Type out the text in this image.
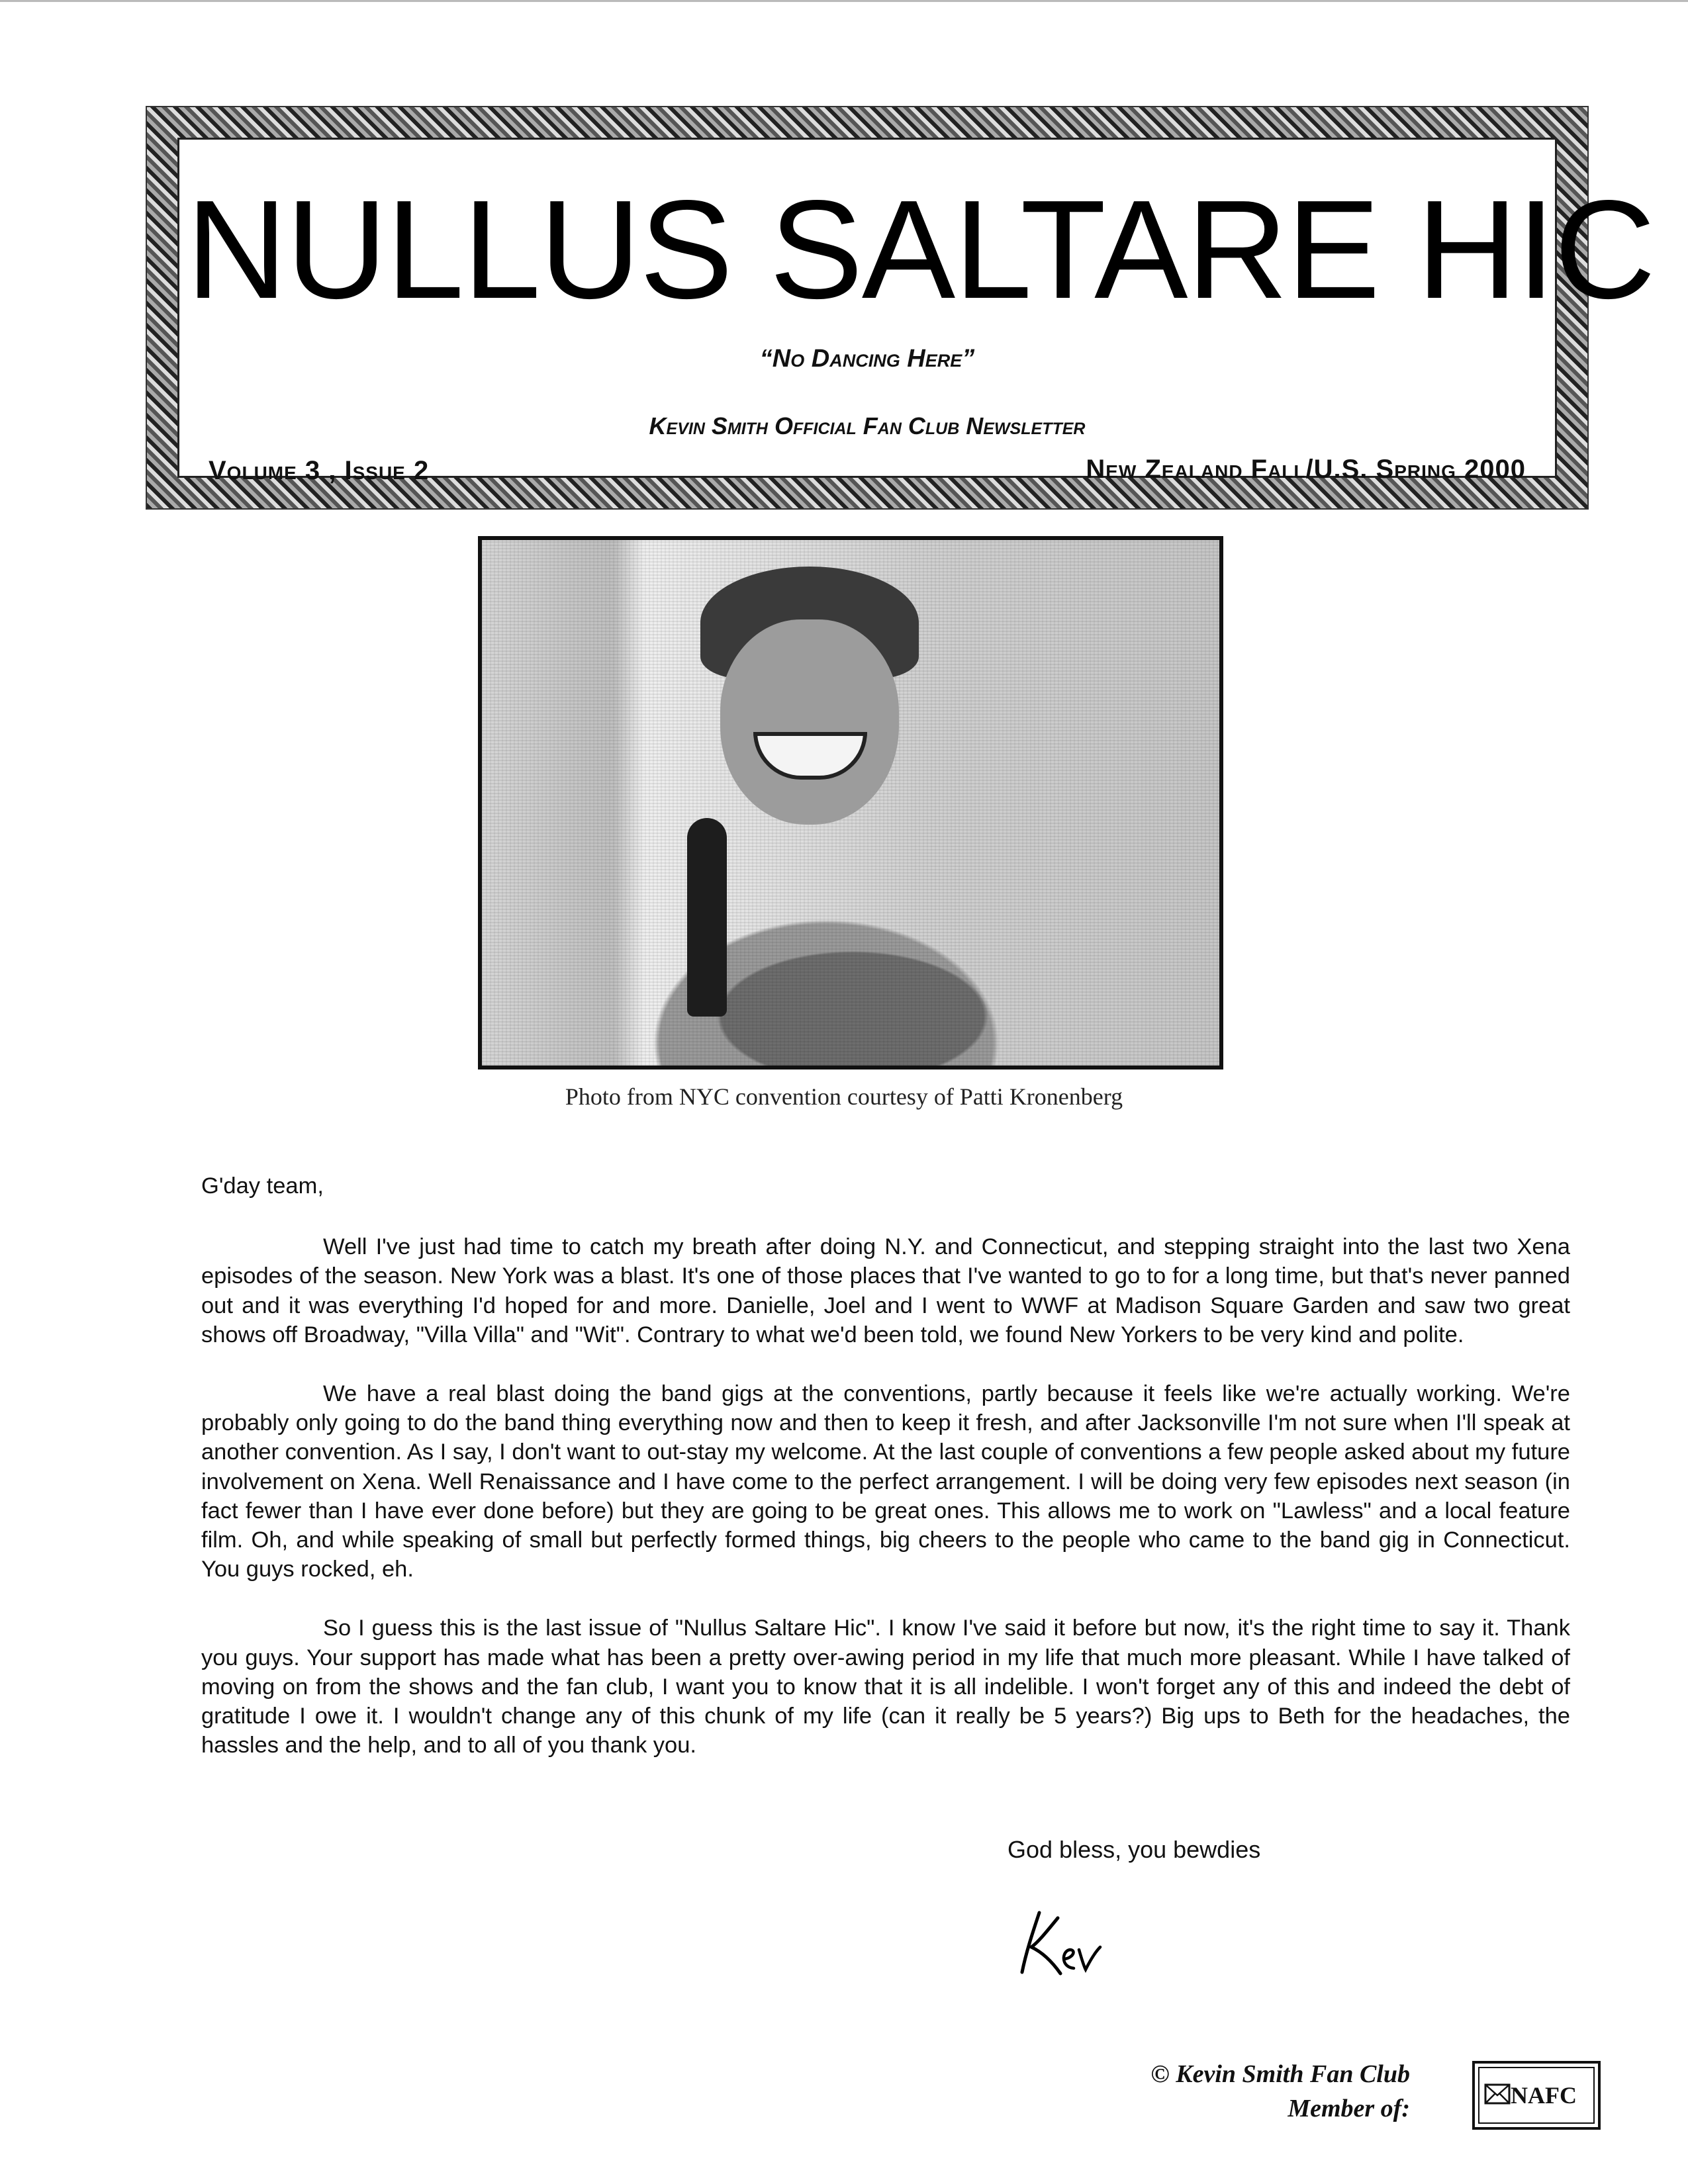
NULLUS SALTARE HIC
“No Dancing Here”
Kevin Smith Official Fan Club Newsletter
Volume 3 , Issue 2	New Zealand Fall/U.S. Spring 2000
Photo from NYC convention courtesy of Patti Kronenberg

G'day team,

Well I've just had time to catch my breath after doing N.Y. and Connecticut, and stepping straight into the last two Xena episodes of the season. New York was a blast. It's one of those places that I've wanted to go to for a long time, but that's never panned out and it was everything I'd hoped for and more. Danielle, Joel and I went to WWF at Madison Square Garden and saw two great shows off Broadway, "Villa Villa" and "Wit". Contrary to what we'd been told, we found New Yorkers to be very kind and polite.

We have a real blast doing the band gigs at the conventions, partly because it feels like we're actually working. We're probably only going to do the band thing everything now and then to keep it fresh, and after Jacksonville I'm not sure when I'll speak at another convention. As I say, I don't want to out-stay my welcome. At the last couple of conventions a few people asked about my future involvement on Xena. Well Renaissance and I have come to the perfect arrangement. I will be doing very few episodes next season (in fact fewer than I have ever done before) but they are going to be great ones. This allows me to work on "Lawless" and a local feature film. Oh, and while speaking of small but perfectly formed things, big cheers to the people who came to the band gig in Connecticut. You guys rocked, eh.

So I guess this is the last issue of "Nullus Saltare Hic". I know I've said it before but now, it's the right time to say it. Thank you guys. Your support has made what has been a pretty over-awing period in my life that much more pleasant. While I have talked of moving on from the shows and the fan club, I want you to know that it is all indelible. I won't forget any of this and indeed the debt of gratitude I owe it. I wouldn't change any of this chunk of my life (can it really be 5 years?) Big ups to Beth for the headaches, the hassles and the help, and to all of you thank you.

God bless, you bewdies
© Kevin Smith Fan Club
Member of:	NAFC
